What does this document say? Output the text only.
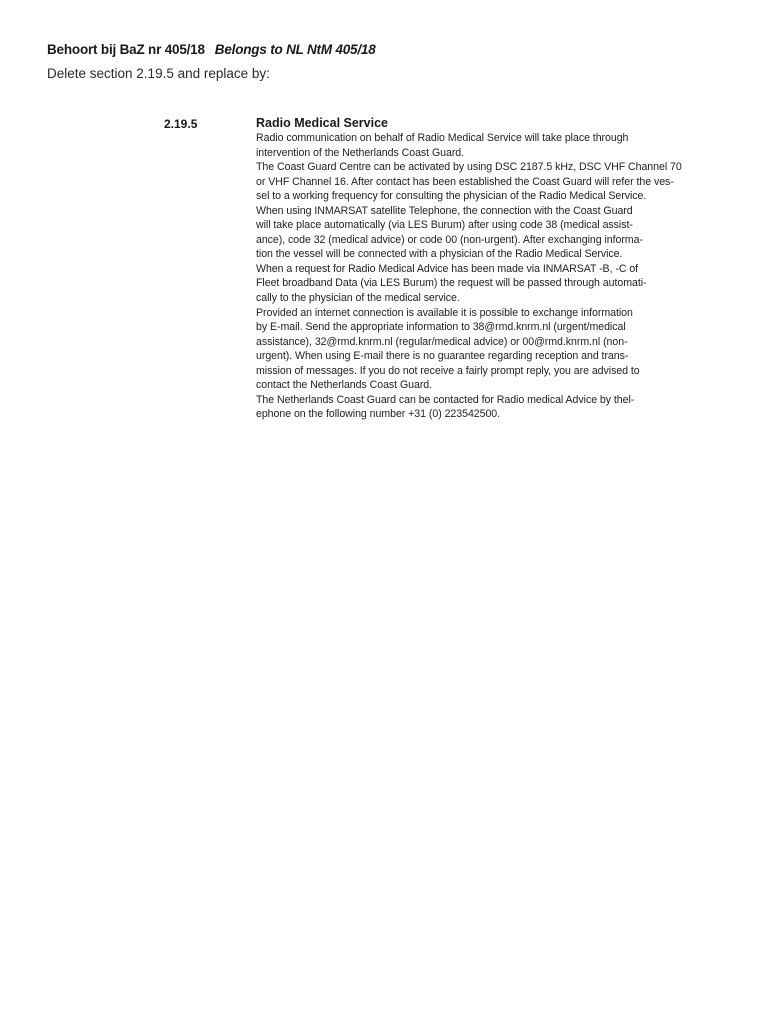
Behoort bij BaZ nr 405/18 Belongs to NL NtM 405/18
Delete section 2.19.5 and replace by:
2.19.5	Radio Medical Service
Radio communication on behalf of Radio Medical Service will take place through
intervention of the Netherlands Coast Guard.
The Coast Guard Centre can be activated by using DSC 2187.5 kHz, DSC VHF Channel 70
or VHF Channel 16. After contact has been established the Coast Guard will refer the ves-
sel to a working frequency for consulting the physician of the Radio Medical Service.
When using INMARSAT satellite Telephone, the connection with the Coast Guard
will take place automatically (via LES Burum) after using code 38 (medical assist-
ance), code 32 (medical advice) or code 00 (non-urgent). After exchanging informa-
tion the vessel will be connected with a physician of the Radio Medical Service.
When a request for Radio Medical Advice has been made via INMARSAT -B, -C of
Fleet broadband Data (via LES Burum) the request will be passed through automati-
cally to the physician of the medical service.
Provided an internet connection is available it is possible to exchange information
by E-mail. Send the appropriate information to 38@rmd.knrm.nl (urgent/medical
assistance), 32@rmd.knrm.nl (regular/medical advice) or 00@rmd.knrm.nl (non-
urgent). When using E-mail there is no guarantee regarding reception and trans-
mission of messages. If you do not receive a fairly prompt reply, you are advised to
contact the Netherlands Coast Guard.
The Netherlands Coast Guard can be contacted for Radio medical Advice by thel-
ephone on the following number +31 (0) 223542500.
